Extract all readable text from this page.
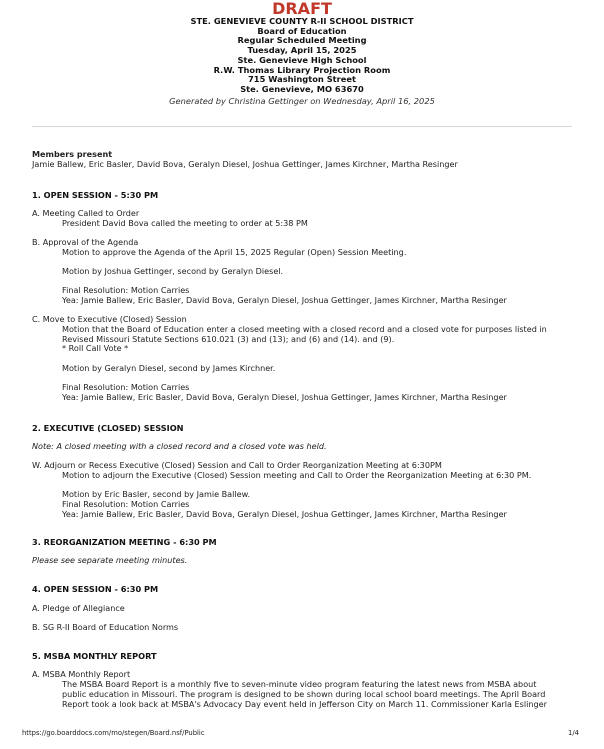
DRAFT
STE. GENEVIEVE COUNTY R-II SCHOOL DISTRICT
Board of Education
Regular Scheduled Meeting
Tuesday, April 15, 2025
Ste. Genevieve High School
R.W. Thomas Library Projection Room
715 Washington Street
Ste. Genevieve, MO 63670
Generated by Christina Gettinger on Wednesday, April 16, 2025
Members present
Jamie Ballew, Eric Basler, David Bova, Geralyn Diesel, Joshua Gettinger, James Kirchner, Martha Resinger
1. OPEN SESSION - 5:30 PM
A. Meeting Called to Order
President David Bova called the meeting to order at 5:38 PM
B. Approval of the Agenda
Motion to approve the Agenda of the April 15, 2025 Regular (Open) Session Meeting.
Motion by Joshua Gettinger, second by Geralyn Diesel.
Final Resolution: Motion Carries
Yea: Jamie Ballew, Eric Basler, David Bova, Geralyn Diesel, Joshua Gettinger, James Kirchner, Martha Resinger
C. Move to Executive (Closed) Session
Motion that the Board of Education enter a closed meeting with a closed record and a closed vote for purposes listed in
Revised Missouri Statute Sections 610.021 (3) and (13); and (6) and (14). and (9).
* Roll Call Vote *
Motion by Geralyn Diesel, second by James Kirchner.
Final Resolution: Motion Carries
Yea: Jamie Ballew, Eric Basler, David Bova, Geralyn Diesel, Joshua Gettinger, James Kirchner, Martha Resinger
2. EXECUTIVE (CLOSED) SESSION
Note: A closed meeting with a closed record and a closed vote was held.
W. Adjourn or Recess Executive (Closed) Session and Call to Order Reorganization Meeting at 6:30PM
Motion to adjourn the Executive (Closed) Session meeting and Call to Order the Reorganization Meeting at 6:30 PM.
Motion by Eric Basler, second by Jamie Ballew.
Final Resolution: Motion Carries
Yea: Jamie Ballew, Eric Basler, David Bova, Geralyn Diesel, Joshua Gettinger, James Kirchner, Martha Resinger
3. REORGANIZATION MEETING - 6:30 PM
Please see separate meeting minutes.
4. OPEN SESSION - 6:30 PM
A. Pledge of Allegiance
B. SG R-II Board of Education Norms
5. MSBA MONTHLY REPORT
A. MSBA Monthly Report
The MSBA Board Report is a monthly five to seven-minute video program featuring the latest news from MSBA about
public education in Missouri. The program is designed to be shown during local school board meetings. The April Board
Report took a look back at MSBA's Advocacy Day event held in Jefferson City on March 11. Commissioner Karla Eslinger
https://go.boarddocs.com/mo/stegen/Board.nsf/Public	1/4
